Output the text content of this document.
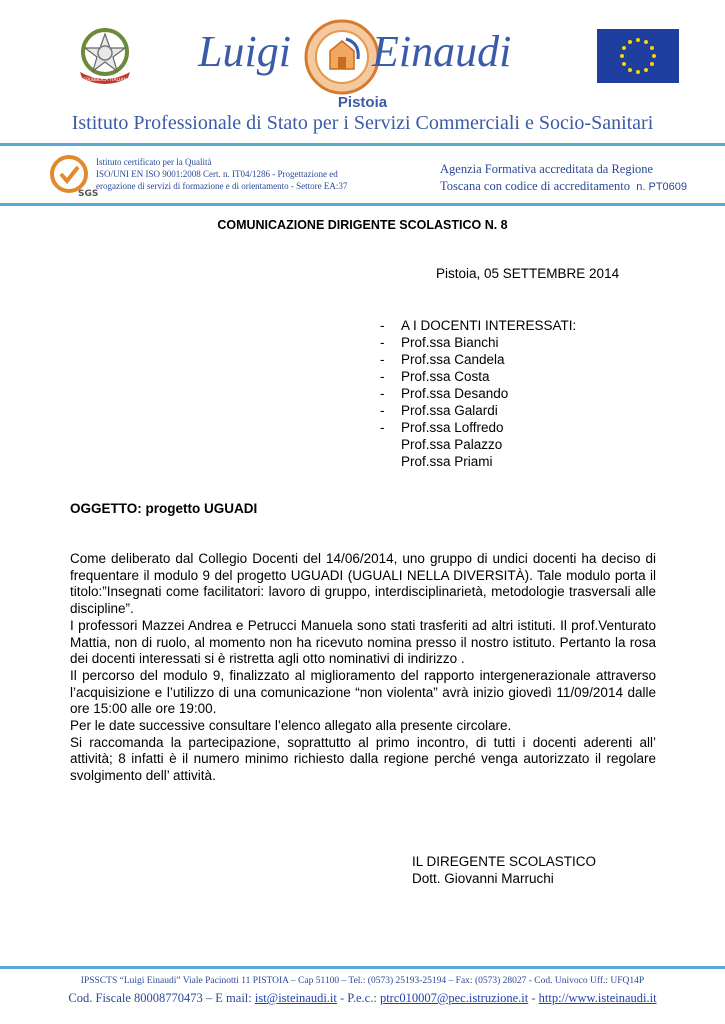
REPUBBLICA ITALIANA
Luigi Einaudi
Pistoia
Istituto Professionale di Stato per i Servizi Commerciali e Socio-Sanitari
SGS
Istituto certificato per la Qualità
ISO/UNI EN ISO 9001:2008 Cert. n. IT04/1286 - Progettazione ed
erogazione di servizi di formazione e di orientamento - Settore EA:37
Agenzia Formativa accreditata da Regione
Toscana con codice di accreditamento n. PT0609
COMUNICAZIONE DIRIGENTE SCOLASTICO N. 8
Pistoia, 05 SETTEMBRE 2014
-	A I DOCENTI INTERESSATI:
-	Prof.ssa Bianchi
-	Prof.ssa Candela
-	Prof.ssa Costa
-	Prof.ssa Desando
-	Prof.ssa Galardi
-	Prof.ssa Loffredo
Prof.ssa Palazzo
Prof.ssa Priami
OGGETTO: progetto UGUADI

Come deliberato dal Collegio Docenti del 14/06/2014, uno gruppo di undici docenti ha deciso di frequentare il modulo 9 del progetto UGUADI (UGUALI NELLA DIVERSITÀ). Tale modulo porta il titolo:”Insegnati come facilitatori: lavoro di gruppo, interdisciplinarietà, metodologie trasversali alle discipline”.

I professori Mazzei Andrea e Petrucci Manuela sono stati trasferiti ad altri istituti. Il prof.Venturato Mattia, non di ruolo, al momento non ha ricevuto nomina presso il nostro istituto. Pertanto la rosa dei docenti interessati si è ristretta agli otto nominativi di indirizzo .

Il percorso del modulo 9, finalizzato al miglioramento del rapporto intergenerazionale attraverso l’acquisizione e l’utilizzo di una comunicazione “non violenta” avrà inizio giovedì 11/09/2014 dalle ore 15:00 alle ore 19:00.

Per le date successive consultare l’elenco allegato alla presente circolare.

Si raccomanda la partecipazione, soprattutto al primo incontro, di tutti i docenti aderenti all’ attività; 8 infatti è il numero minimo richiesto dalla regione perché venga autorizzato il regolare svolgimento dell’ attività.

IL DIREGENTE SCOLASTICO
Dott. Giovanni Marruchi
IPSSCTS “Luigi Einaudi” Viale Pacinotti 11 PISTOIA – Cap 51100 – Tel.: (0573) 25193-25194 – Fax: (0573) 28027 - Cod. Univoco Uff.: UFQ14P
Cod. Fiscale 80008770473 – E mail: ist@isteinaudi.it - P.e.c.: ptrc010007@pec.istruzione.it - http://www.isteinaudi.it
